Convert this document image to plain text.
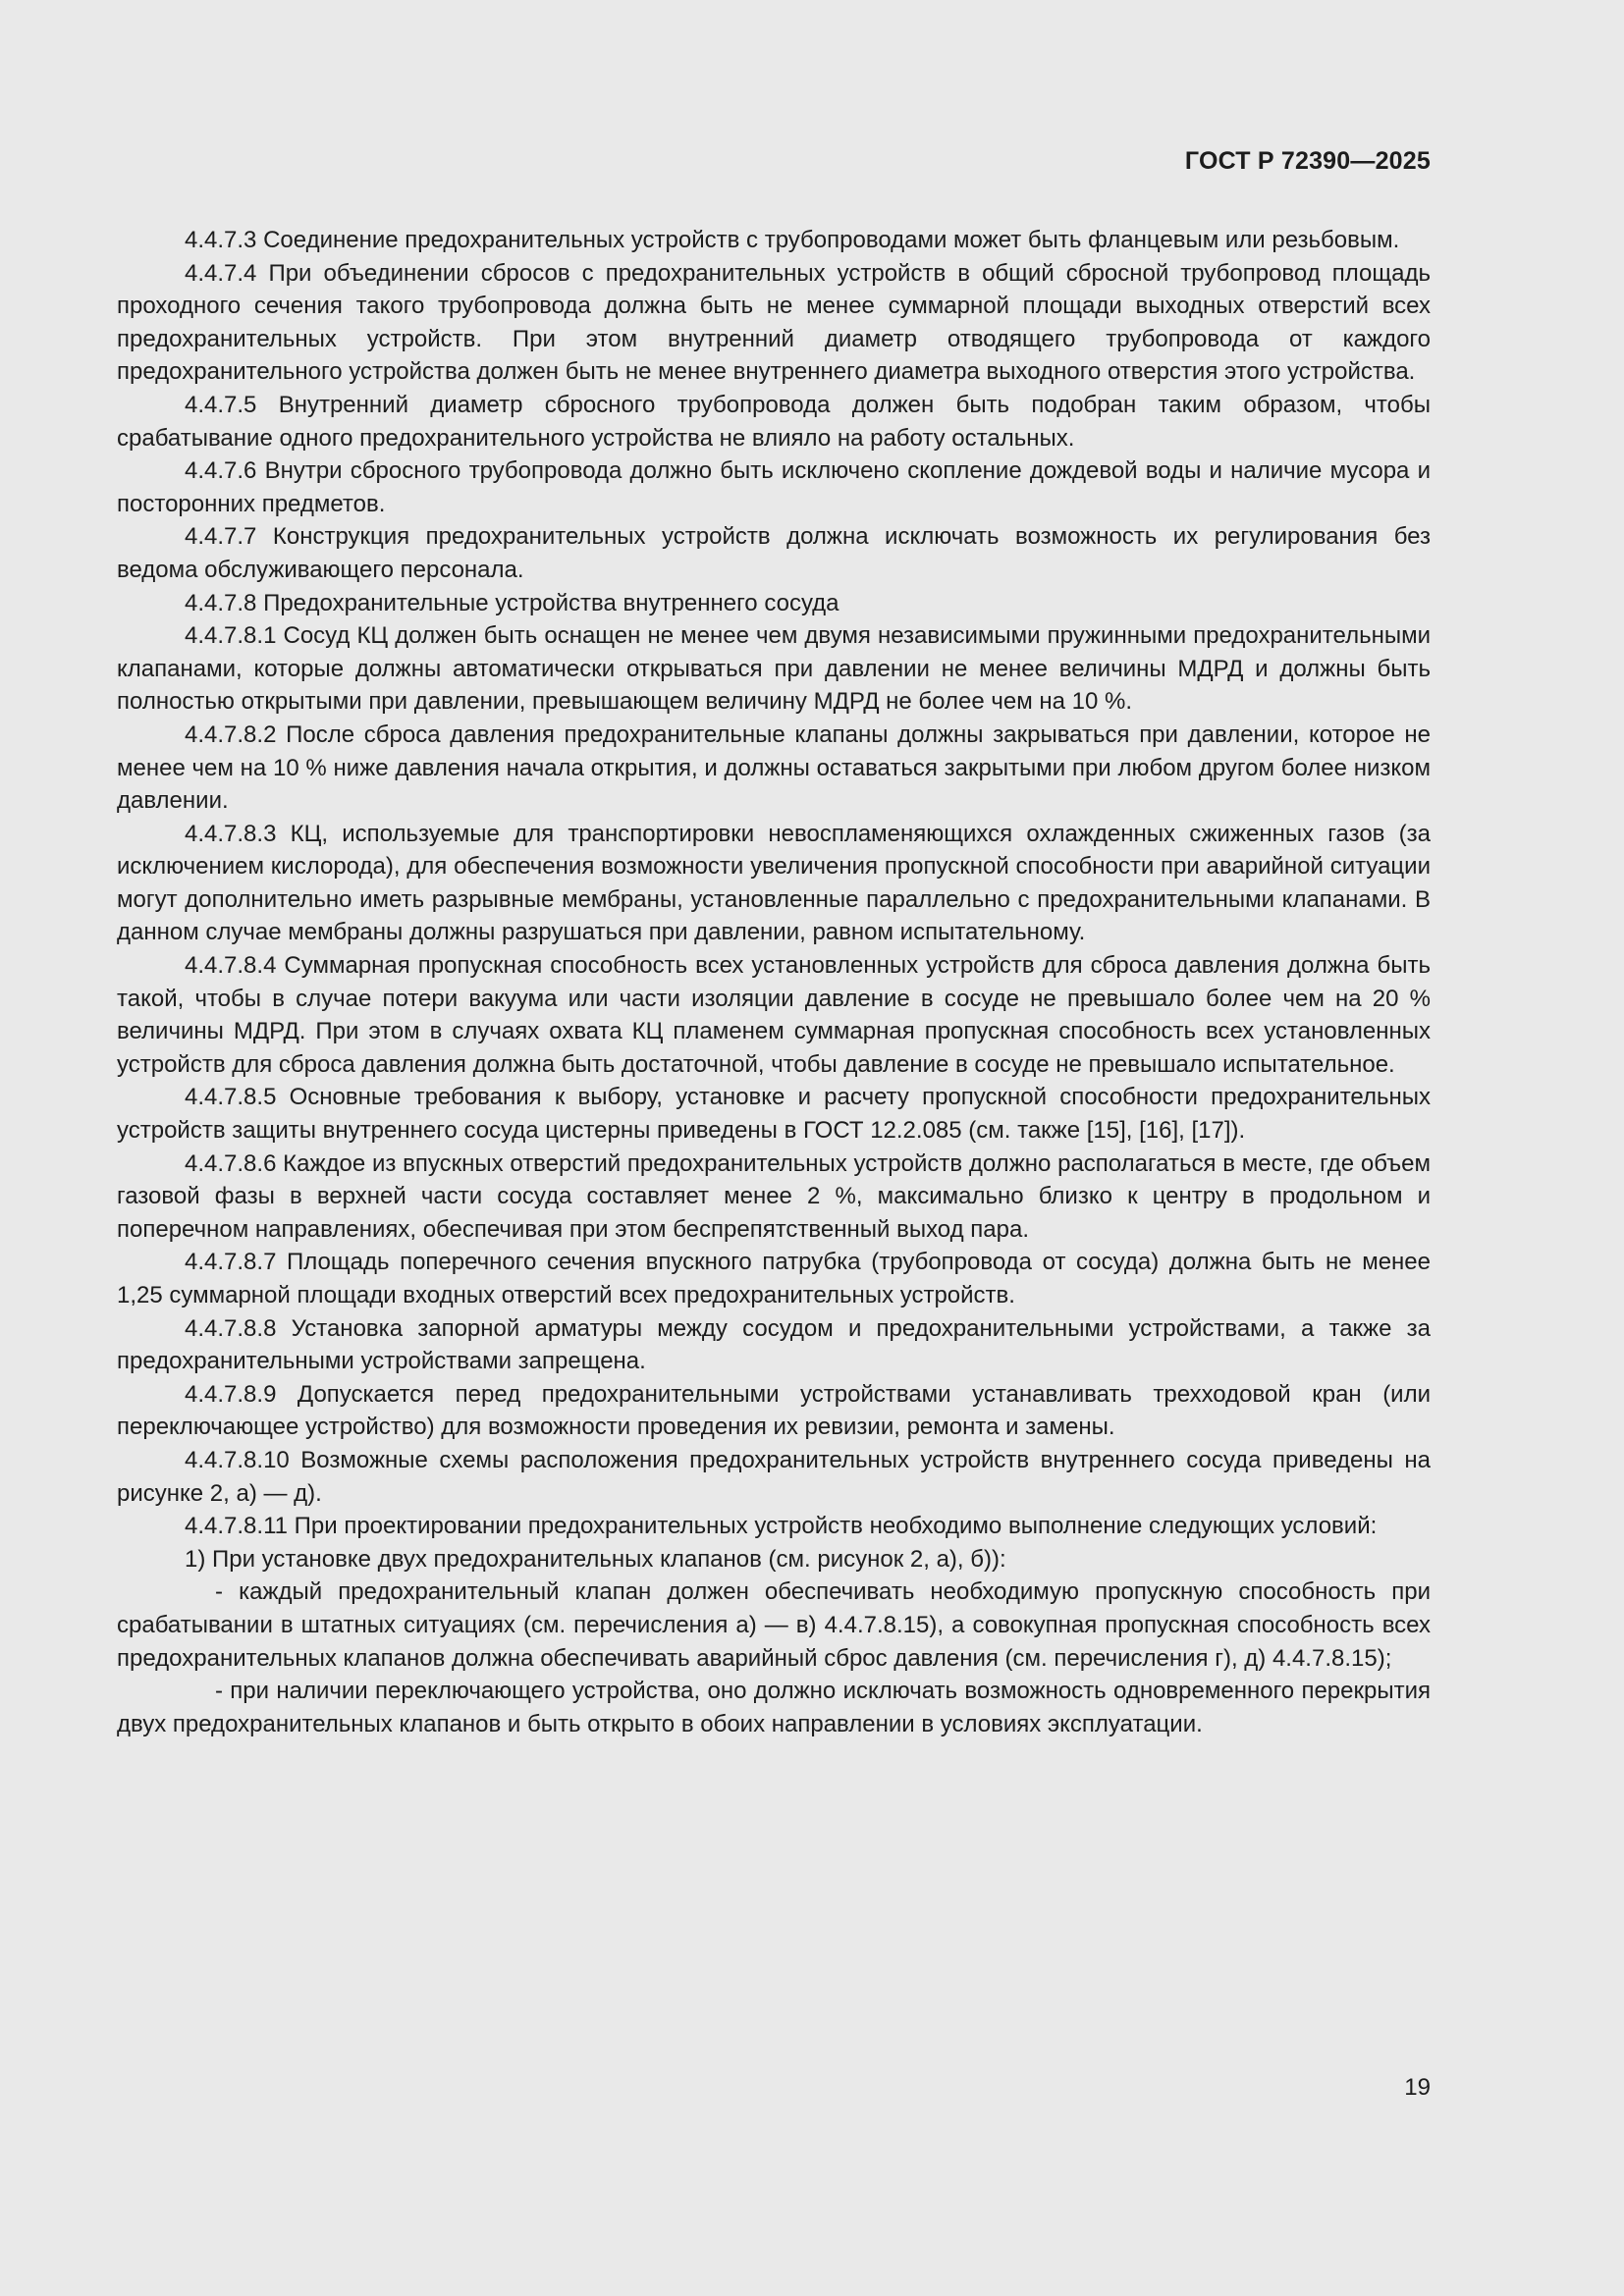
ГОСТ Р 72390—2025

4.4.7.3 Соединение предохранительных устройств с трубопроводами может быть фланцевым или резьбовым.

4.4.7.4 При объединении сбросов с предохранительных устройств в общий сбросной трубопровод площадь проходного сечения такого трубопровода должна быть не менее суммарной площади выходных отверстий всех предохранительных устройств. При этом внутренний диаметр отводящего трубопровода от каждого предохранительного устройства должен быть не менее внутреннего диаметра выходного отверстия этого устройства.

4.4.7.5 Внутренний диаметр сбросного трубопровода должен быть подобран таким образом, чтобы срабатывание одного предохранительного устройства не влияло на работу остальных.

4.4.7.6 Внутри сбросного трубопровода должно быть исключено скопление дождевой воды и наличие мусора и посторонних предметов.

4.4.7.7 Конструкция предохранительных устройств должна исключать возможность их регулирования без ведома обслуживающего персонала.

4.4.7.8 Предохранительные устройства внутреннего сосуда

4.4.7.8.1 Сосуд КЦ должен быть оснащен не менее чем двумя независимыми пружинными предохранительными клапанами, которые должны автоматически открываться при давлении не менее величины МДРД и должны быть полностью открытыми при давлении, превышающем величину МДРД не более чем на 10 %.

4.4.7.8.2 После сброса давления предохранительные клапаны должны закрываться при давлении, которое не менее чем на 10 % ниже давления начала открытия, и должны оставаться закрытыми при любом другом более низком давлении.

4.4.7.8.3 КЦ, используемые для транспортировки невоспламеняющихся охлажденных сжиженных газов (за исключением кислорода), для обеспечения возможности увеличения пропускной способности при аварийной ситуации могут дополнительно иметь разрывные мембраны, установленные параллельно с предохранительными клапанами. В данном случае мембраны должны разрушаться при давлении, равном испытательному.

4.4.7.8.4 Суммарная пропускная способность всех установленных устройств для сброса давления должна быть такой, чтобы в случае потери вакуума или части изоляции давление в сосуде не превышало более чем на 20 % величины МДРД. При этом в случаях охвата КЦ пламенем суммарная пропускная способность всех установленных устройств для сброса давления должна быть достаточной, чтобы давление в сосуде не превышало испытательное.

4.4.7.8.5 Основные требования к выбору, установке и расчету пропускной способности предохранительных устройств защиты внутреннего сосуда цистерны приведены в ГОСТ 12.2.085 (см. также [15], [16], [17]).

4.4.7.8.6 Каждое из впускных отверстий предохранительных устройств должно располагаться в месте, где объем газовой фазы в верхней части сосуда составляет менее 2 %, максимально близко к центру в продольном и поперечном направлениях, обеспечивая при этом беспрепятственный выход пара.

4.4.7.8.7 Площадь поперечного сечения впускного патрубка (трубопровода от сосуда) должна быть не менее 1,25 суммарной площади входных отверстий всех предохранительных устройств.

4.4.7.8.8 Установка запорной арматуры между сосудом и предохранительными устройствами, а также за предохранительными устройствами запрещена.

4.4.7.8.9 Допускается перед предохранительными устройствами устанавливать трехходовой кран (или переключающее устройство) для возможности проведения их ревизии, ремонта и замены.

4.4.7.8.10 Возможные схемы расположения предохранительных устройств внутреннего сосуда приведены на рисунке 2, а) — д).

4.4.7.8.11 При проектировании предохранительных устройств необходимо выполнение следующих условий:

1) При установке двух предохранительных клапанов (см. рисунок 2, а), б)):

- каждый предохранительный клапан должен обеспечивать необходимую пропускную способность при срабатывании в штатных ситуациях (см. перечисления а) — в) 4.4.7.8.15), а совокупная пропускная способность всех предохранительных клапанов должна обеспечивать аварийный сброс давления (см. перечисления г), д) 4.4.7.8.15);

- при наличии переключающего устройства, оно должно исключать возможность одновременного перекрытия двух предохранительных клапанов и быть открыто в обоих направлении в условиях эксплуатации.

19
